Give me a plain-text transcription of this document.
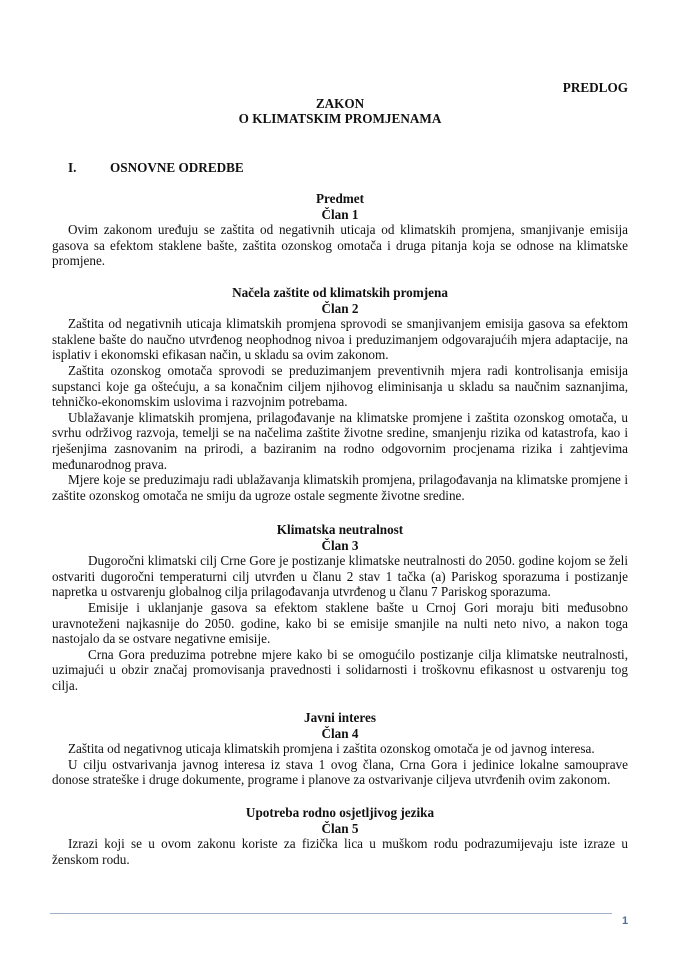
PREDLOG
ZAKON
O KLIMATSKIM PROMJENAMA
I.	OSNOVNE ODREDBE
Predmet
Član 1

Ovim zakonom uređuju se zaštita od negativnih uticaja od klimatskih promjena, smanjivanje emisija gasova sa efektom staklene bašte, zaštita ozonskog omotača i druga pitanja koja se odnose na klimatske promjene.

Načela zaštite od klimatskih promjena
Član 2

Zaštita od negativnih uticaja klimatskih promjena sprovodi se smanjivanjem emisija gasova sa efektom staklene bašte do naučno utvrđenog neophodnog nivoa i preduzimanjem odgovarajućih mjera adaptacije, na isplativ i ekonomski efikasan način, u skladu sa ovim zakonom.

Zaštita ozonskog omotača sprovodi se preduzimanjem preventivnih mjera radi kontrolisanja emisija supstanci koje ga oštećuju, a sa konačnim ciljem njihovog eliminisanja u skladu sa naučnim saznanjima, tehničko-ekonomskim uslovima i razvojnim potrebama.

Ublažavanje klimatskih promjena, prilagođavanje na klimatske promjene i zaštita ozonskog omotača, u svrhu održivog razvoja, temelji se na načelima zaštite životne sredine, smanjenju rizika od katastrofa, kao i rješenjima zasnovanim na prirodi, a baziranim na rodno odgovornim procjenama rizika i zahtjevima međunarodnog prava.

Mjere koje se preduzimaju radi ublažavanja klimatskih promjena, prilagođavanja na klimatske promjene i zaštite ozonskog omotača ne smiju da ugroze ostale segmente životne sredine.

Klimatska neutralnost
Član 3

Dugoročni klimatski cilj Crne Gore je postizanje klimatske neutralnosti do 2050. godine kojom se želi ostvariti dugoročni temperaturni cilj utvrđen u članu 2 stav 1 tačka (a) Pariskog sporazuma i postizanje napretka u ostvarenju globalnog cilja prilagođavanja utvrđenog u članu 7 Pariskog sporazuma.

Emisije i uklanjanje gasova sa efektom staklene bašte u Crnoj Gori moraju biti međusobno uravnoteženi najkasnije do 2050. godine, kako bi se emisije smanjile na nulti neto nivo, a nakon toga nastojalo da se ostvare negativne emisije.

Crna Gora preduzima potrebne mjere kako bi se omogućilo postizanje cilja klimatske neutralnosti, uzimajući u obzir značaj promovisanja pravednosti i solidarnosti i troškovnu efikasnost u ostvarenju tog cilja.

Javni interes
Član 4

Zaštita od negativnog uticaja klimatskih promjena i zaštita ozonskog omotača je od javnog interesa.

U cilju ostvarivanja javnog interesa iz stava 1 ovog člana, Crna Gora i jedinice lokalne samouprave donose strateške i druge dokumente, programe i planove za ostvarivanje ciljeva utvrđenih ovim zakonom.

Upotreba rodno osjetljivog jezika
Član 5

Izrazi koji se u ovom zakonu koriste za fizička lica u muškom rodu podrazumijevaju iste izraze u ženskom rodu.

1
